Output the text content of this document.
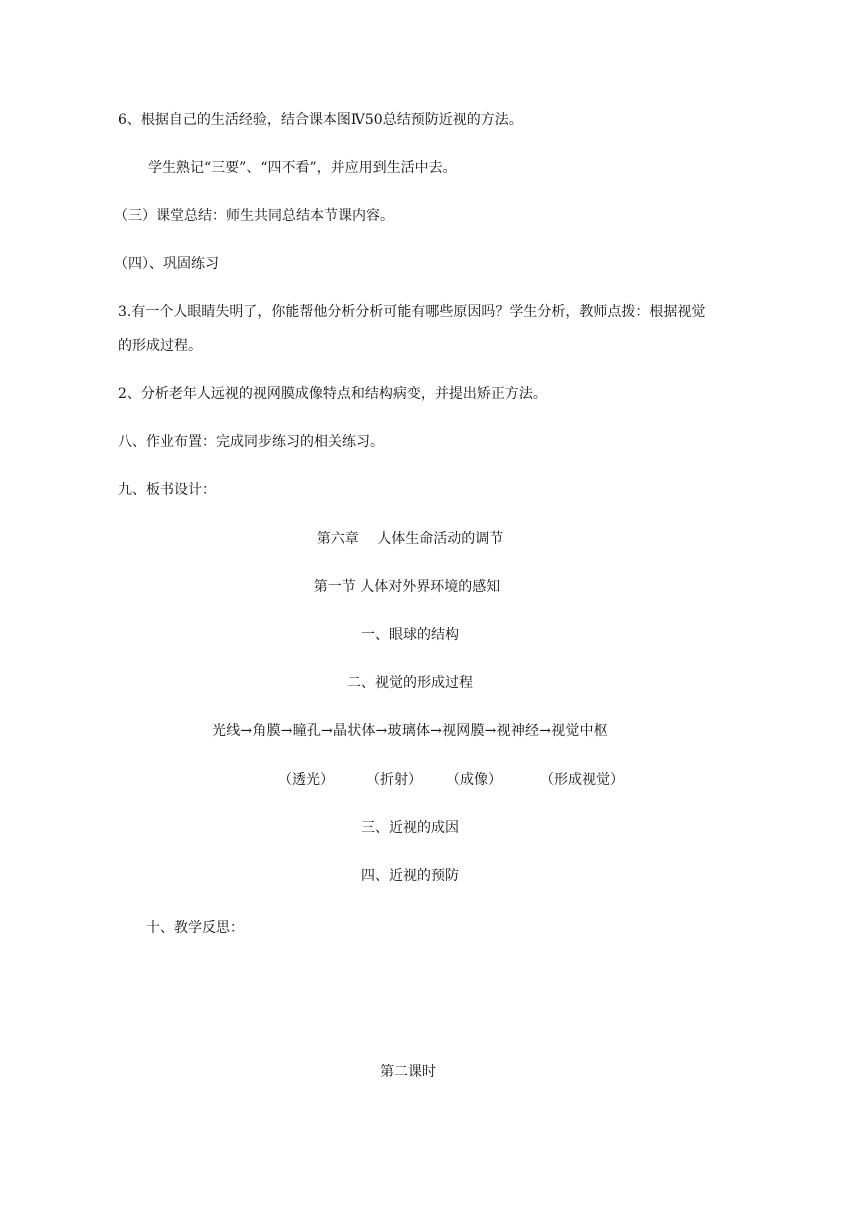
6、根据自己的生活经验，结合课本图Ⅳ50总结预防近视的方法。
学生熟记“三要”、“四不看”，并应用到生活中去。
（三）课堂总结：师生共同总结本节课内容。
（四）、巩固练习
3.有一个人眼睛失明了，你能帮他分析分析可能有哪些原因吗？学生分析，教师点拨：根据视觉
的形成过程。
2、分析老年人远视的视网膜成像特点和结构病变，并提出矫正方法。
八、作业布置：完成同步练习的相关练习。
九、板书设计：
第六章　 人体生命活动的调节
第一节 人体对外界环境的感知
一、眼球的结构
二、视觉的形成过程
光线→角膜→瞳孔→晶状体→玻璃体→视网膜→视神经→视觉中枢
（透光） （折射） （成像）	（形成视觉）
三、近视的成因
四、近视的预防
十、教学反思：
第二课时
